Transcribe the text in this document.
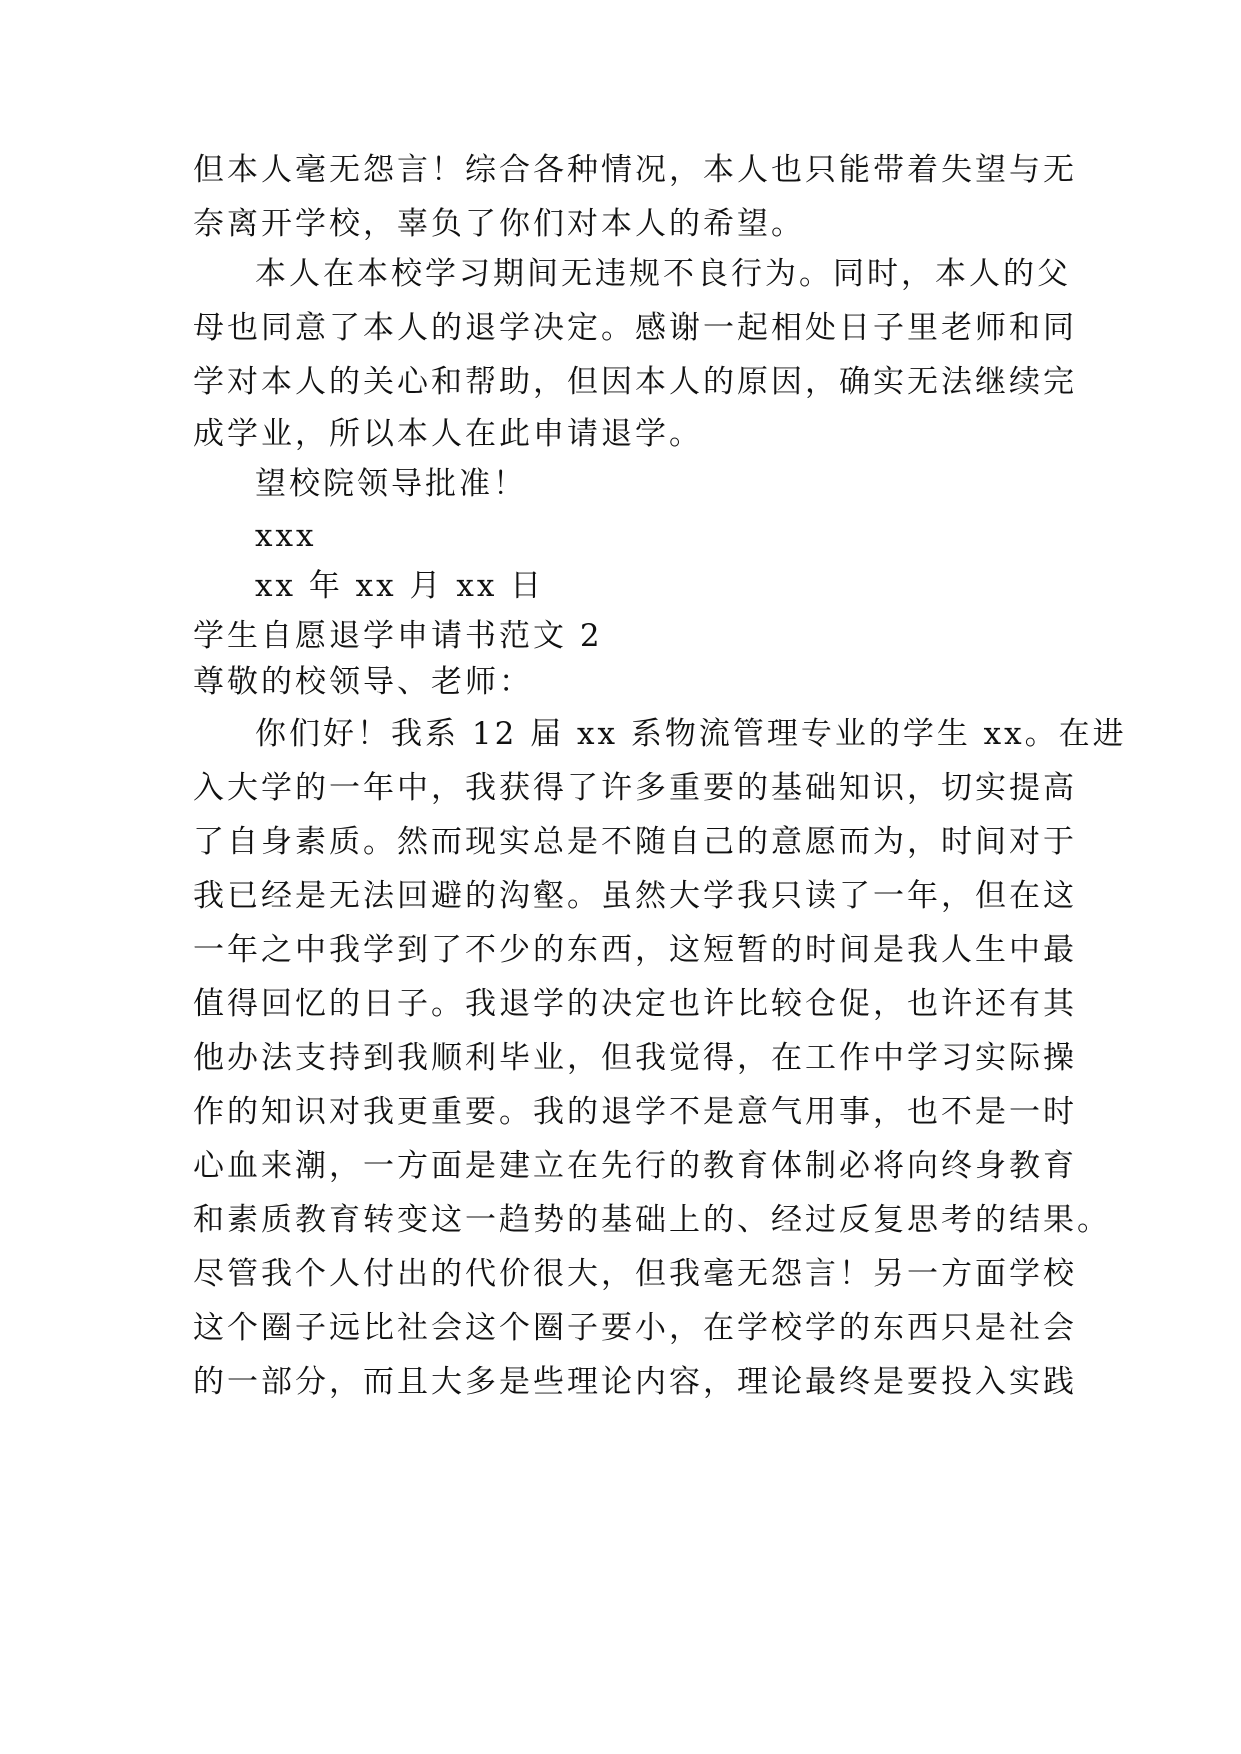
但本人毫无怨言！综合各种情况，本人也只能带着失望与无
奈离开学校，辜负了你们对本人的希望。
本人在本校学习期间无违规不良行为。同时，本人的父
母也同意了本人的退学决定。感谢一起相处日子里老师和同
学对本人的关心和帮助，但因本人的原因，确实无法继续完
成学业，所以本人在此申请退学。
望校院领导批准！
xxx
xx 年 xx 月 xx 日
学生自愿退学申请书范文 2
尊敬的校领导、老师：
你们好！我系 12 届 xx 系物流管理专业的学生 xx。在进
入大学的一年中，我获得了许多重要的基础知识，切实提高
了自身素质。然而现实总是不随自己的意愿而为，时间对于
我已经是无法回避的沟壑。虽然大学我只读了一年，但在这
一年之中我学到了不少的东西，这短暂的时间是我人生中最
值得回忆的日子。我退学的决定也许比较仓促，也许还有其
他办法支持到我顺利毕业，但我觉得，在工作中学习实际操
作的知识对我更重要。我的退学不是意气用事，也不是一时
心血来潮，一方面是建立在先行的教育体制必将向终身教育
和素质教育转变这一趋势的基础上的、经过反复思考的结果。
尽管我个人付出的代价很大，但我毫无怨言！另一方面学校
这个圈子远比社会这个圈子要小，在学校学的东西只是社会
的一部分，而且大多是些理论内容，理论最终是要投入实践
